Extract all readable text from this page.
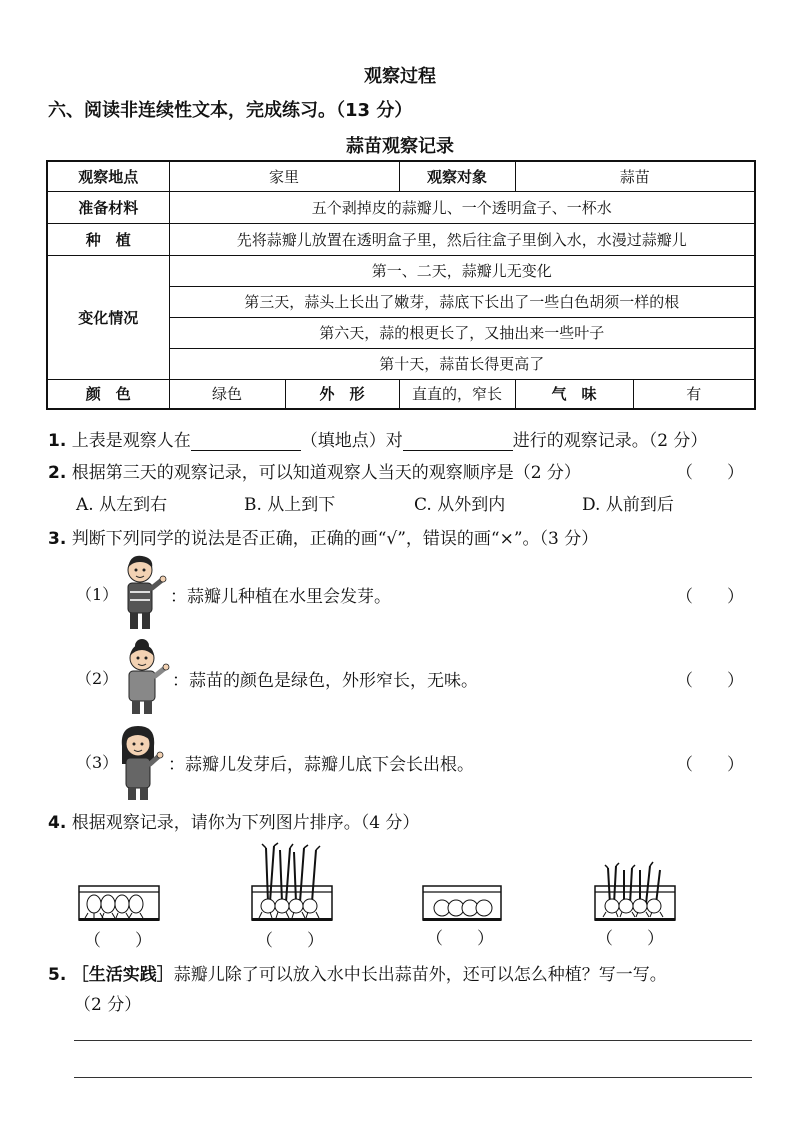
观察过程
六、阅读非连续性文本，完成练习。（13 分）
蒜苗观察记录
观察地点	家里		观察对象	蒜苗	
准备材料	五个剥掉皮的蒜瓣儿、一个透明盒子、一杯水				
种　植	先将蒜瓣儿放置在透明盒子里，然后往盒子里倒入水，水漫过蒜瓣儿				
变化情况	第一、二天，蒜瓣儿无变化				
	第三天，蒜头上长出了嫩芽，蒜底下长出了一些白色胡须一样的根				
	第六天，蒜的根更长了，又抽出来一些叶子				
	第十天，蒜苗长得更高了				
颜　色	绿色	外　形	直直的，窄长	气　味	有
1. 上表是观察人在	（填地点）对	进行的观察记录。（2 分）
2. 根据第三天的观察记录，可以知道观察人当天的观察顺序是（2 分）	（　　）
A. 从左到右	B. 从上到下	C. 从外到内	D. 从前到后
3. 判断下列同学的说法是否正确，正确的画“√”，错误的画“×”。（3 分）
（1）	：蒜瓣儿种植在水里会发芽。	（　　）
（2）	：蒜苗的颜色是绿色，外形窄长，无味。	（　　）
（3）	：蒜瓣儿发芽后，蒜瓣儿底下会长出根。	（　　）
4. 根据观察记录，请你为下列图片排序。（4 分）
（　　）	（　　）	（　　）	（　　）
5. ［生活实践］蒜瓣儿除了可以放入水中长出蒜苗外，还可以怎么种植？写一写。
（2 分）
